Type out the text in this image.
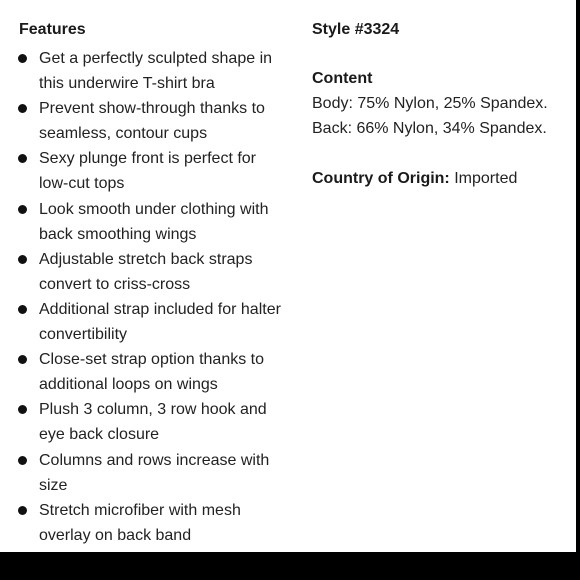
Features	Style #3324
Get a perfectly sculpted shape in this underwire T-shirt bra
Prevent show-through thanks to seamless, contour cups
Sexy plunge front is perfect for low-cut tops
Look smooth under clothing with back smoothing wings
Adjustable stretch back straps convert to criss-cross
Additional strap included for halter convertibility
Close-set strap option thanks to additional loops on wings
Plush 3 column, 3 row hook and eye back closure
Columns and rows increase with size
Stretch microfiber with mesh overlay on back band
Content
Body: 75% Nylon, 25% Spandex.
Back: 66% Nylon, 34% Spandex.
Country of Origin: Imported
